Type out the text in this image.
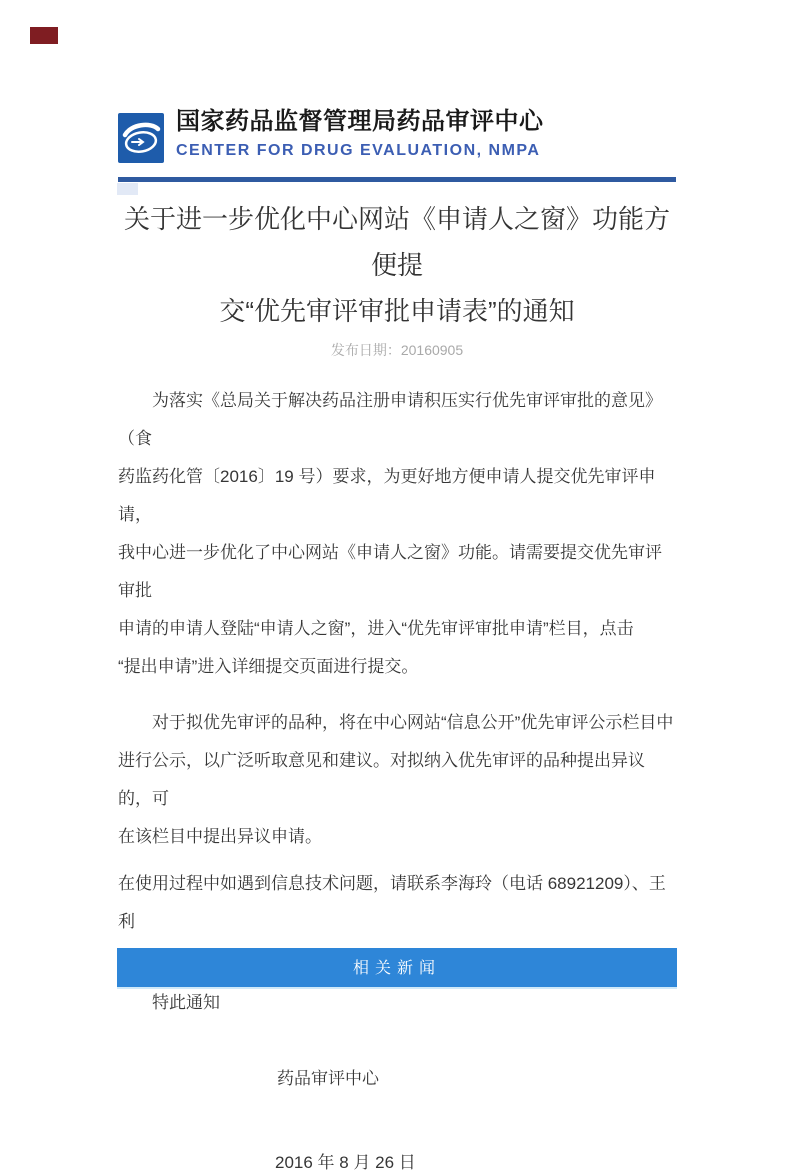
国家药品监督管理局药品审评中心
CENTER FOR DRUG EVALUATION, NMPA
关于进一步优化中心网站《申请人之窗》功能方便提
交“优先审评审批申请表”的通知
发布日期：20160905
为落实《总局关于解决药品注册申请积压实行优先审评审批的意见》（食
药监药化管〔2016〕19 号）要求，为更好地方便申请人提交优先审评申请，
我中心进一步优化了中心网站《申请人之窗》功能。请需要提交优先审评审批
申请的申请人登陆“申请人之窗”，进入“优先审评审批申请”栏目，点击
“提出申请”进入详细提交页面进行提交。
对于拟优先审评的品种，将在中心网站“信息公开”优先审评公示栏目中
进行公示，以广泛听取意见和建议。对拟纳入优先审评的品种提出异议的，可
在该栏目中提出异议申请。
在使用过程中如遇到信息技术问题，请联系李海玲（电话 68921209）、王利
特此通知
药品审评中心
2016 年 8 月 26 日
相关新闻
